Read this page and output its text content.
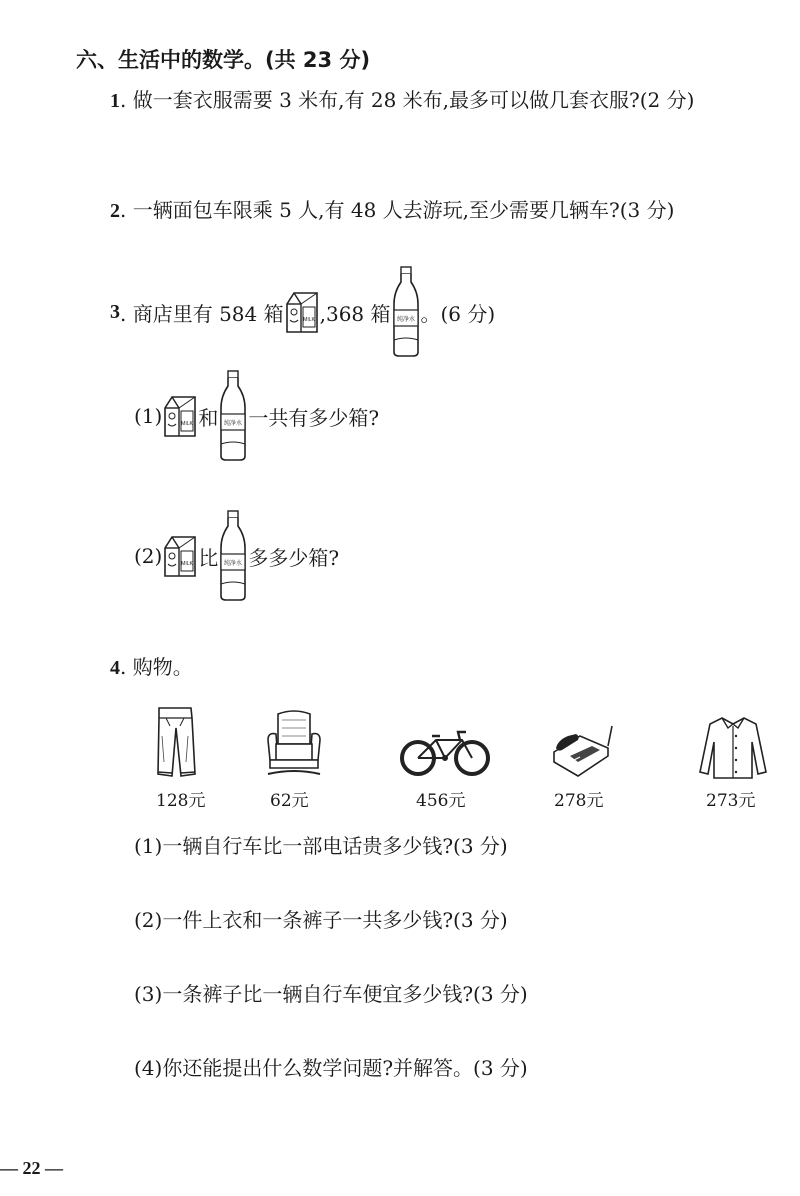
六、生活中的数学。(共 23 分)
1. 做一套衣服需要 3 米布,有 28 米布,最多可以做几套衣服?(2 分)
2. 一辆面包车限乘 5 人,有 48 人去游玩,至少需要几辆车?(3 分)
3 . 商店里有 584 箱 ,368 箱 。(6 分)
(1) 和 一共有多少箱?
(2) 比 多多少箱?
4. 购物。
128元	62元	456元	278元	273元
(1)一辆自行车比一部电话贵多少钱?(3 分)
(2)一件上衣和一条裤子一共多少钱?(3 分)
(3)一条裤子比一辆自行车便宜多少钱?(3 分)
(4)你还能提出什么数学问题?并解答。(3 分)
— 22 —
